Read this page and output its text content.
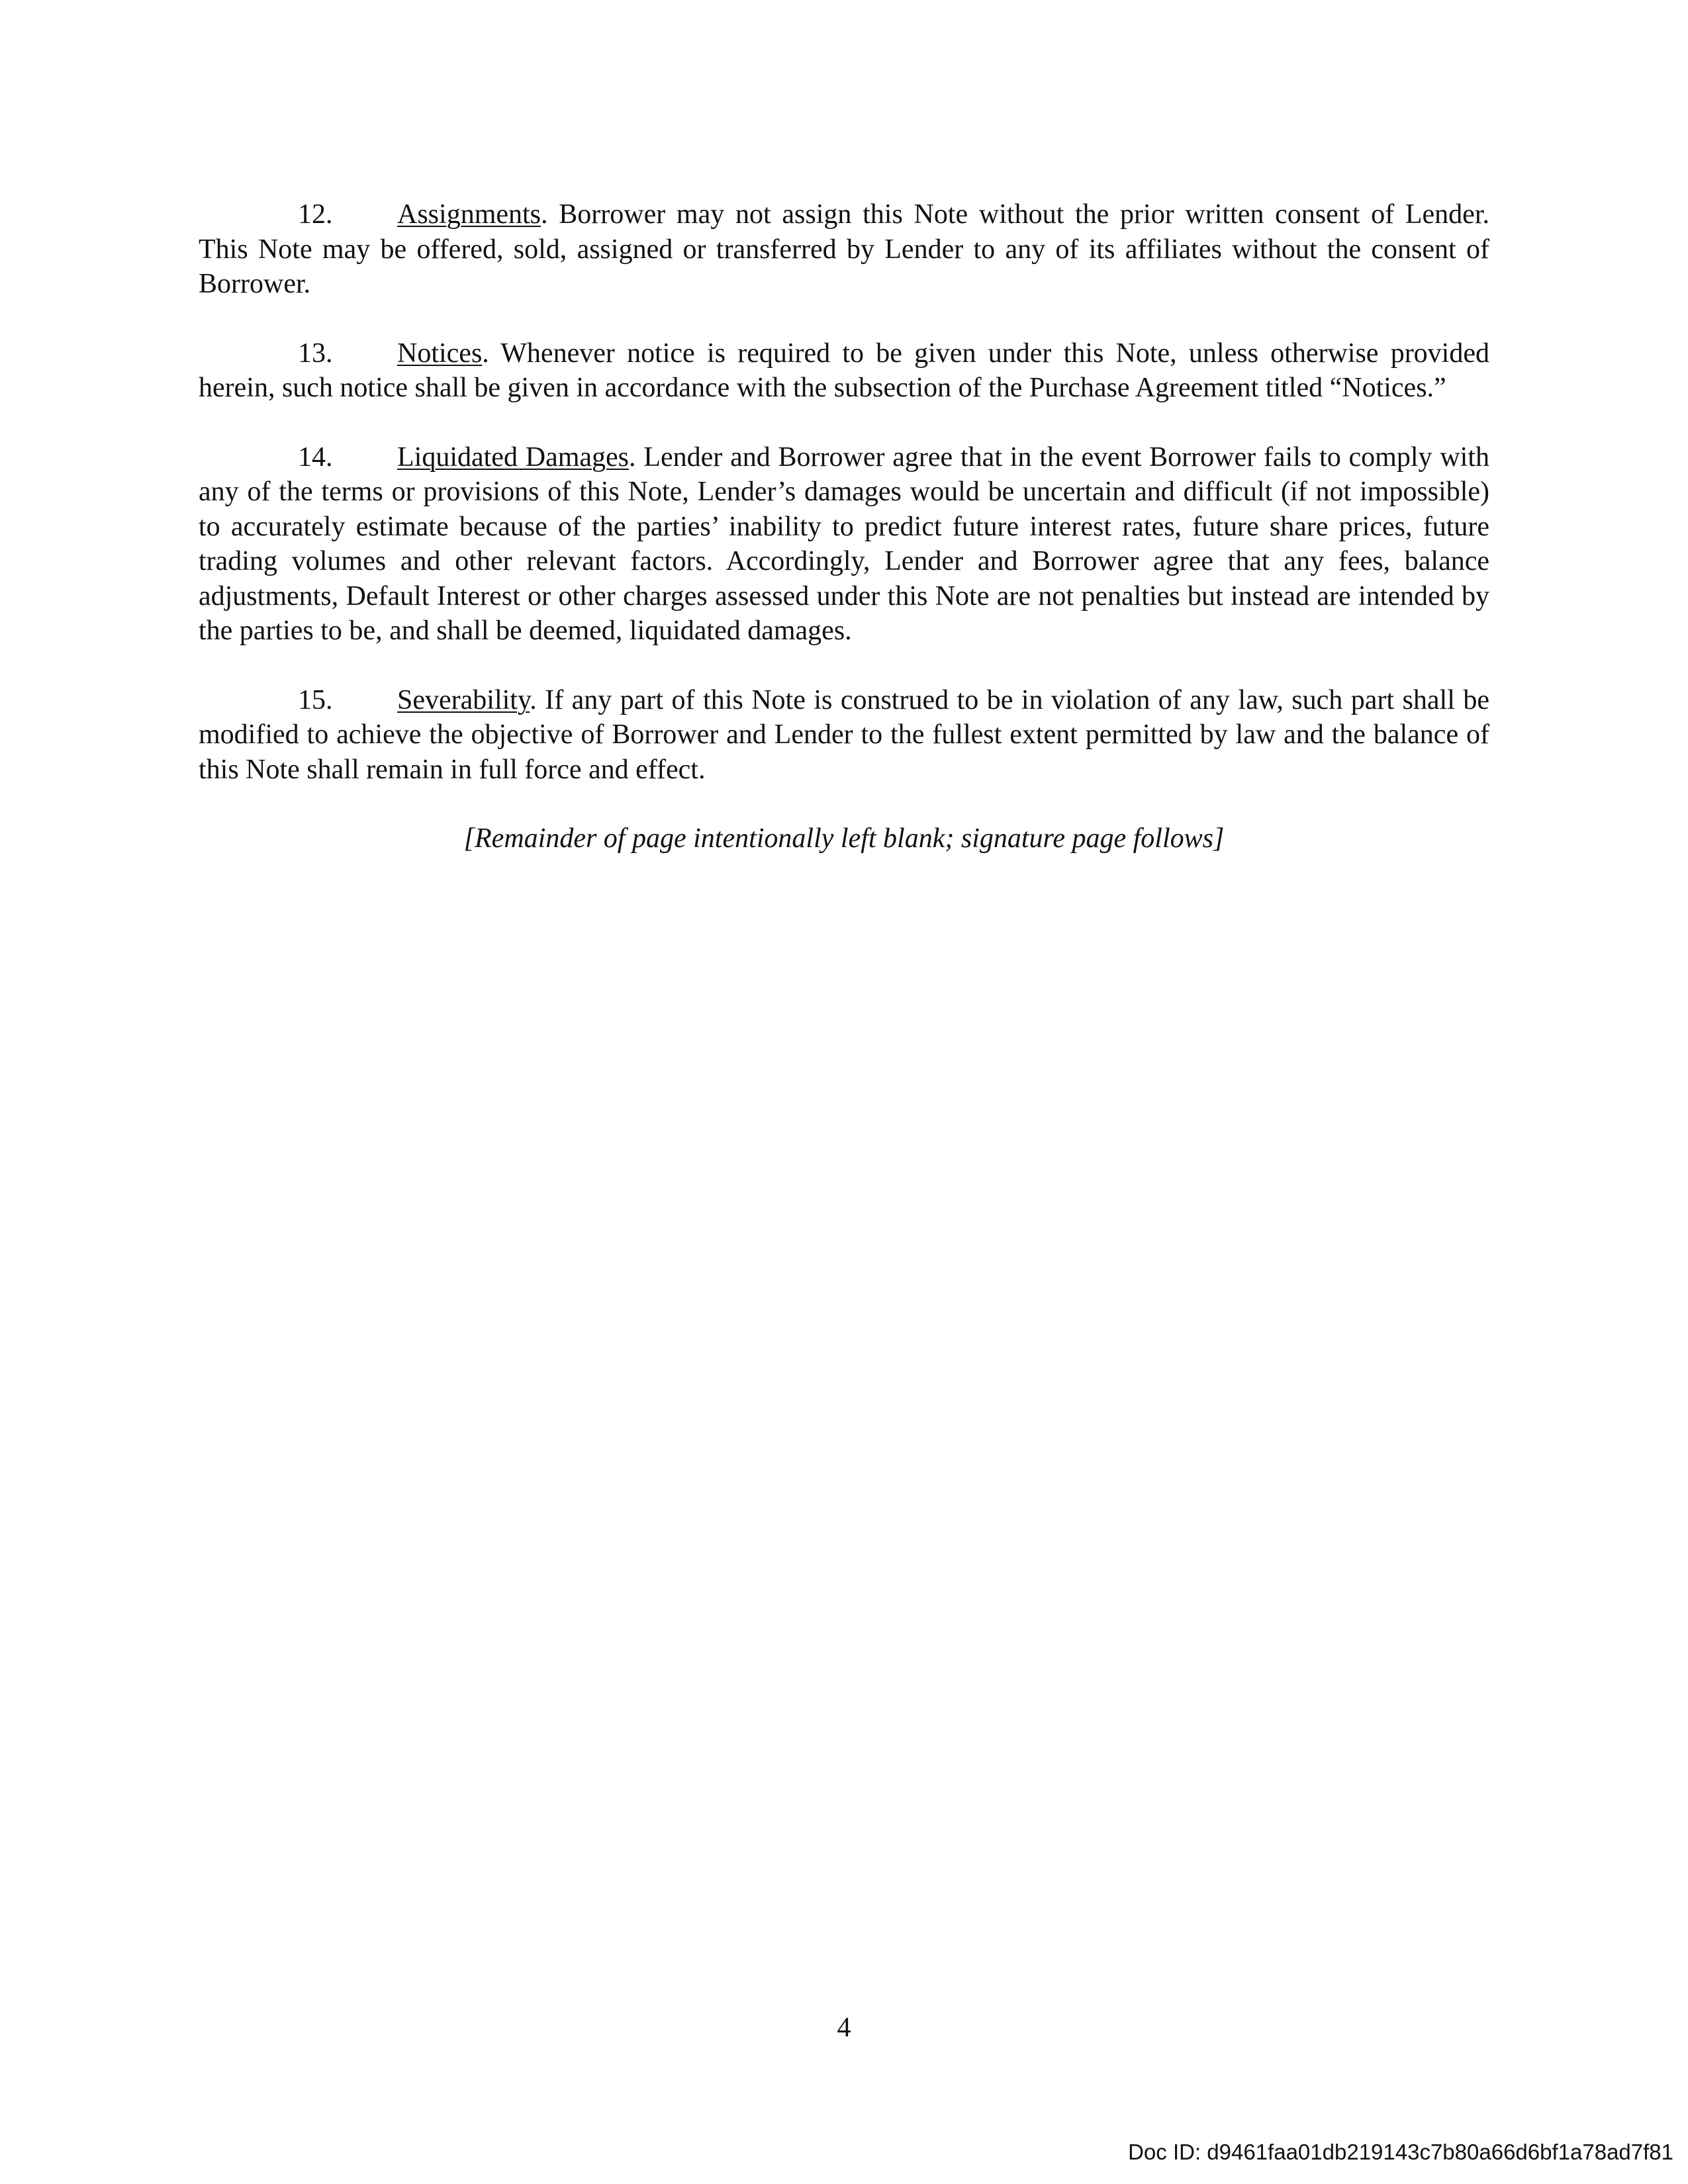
12. Assignments. Borrower may not assign this Note without the prior written consent of Lender. This Note may be offered, sold, assigned or transferred by Lender to any of its affiliates without the consent of Borrower.

13. Notices. Whenever notice is required to be given under this Note, unless otherwise provided herein, such notice shall be given in accordance with the subsection of the Purchase Agreement titled “Notices.”

14. Liquidated Damages. Lender and Borrower agree that in the event Borrower fails to comply with any of the terms or provisions of this Note, Lender’s damages would be uncertain and difficult (if not impossible) to accurately estimate because of the parties’ inability to predict future interest rates, future share prices, future trading volumes and other relevant factors. Accordingly, Lender and Borrower agree that any fees, balance adjustments, Default Interest or other charges assessed under this Note are not penalties but instead are intended by the parties to be, and shall be deemed, liquidated damages.

15. Severability. If any part of this Note is construed to be in violation of any law, such part shall be modified to achieve the objective of Borrower and Lender to the fullest extent permitted by law and the balance of this Note shall remain in full force and effect.

[Remainder of page intentionally left blank; signature page follows]
4
Doc ID: d9461faa01db219143c7b80a66d6bf1a78ad7f81
